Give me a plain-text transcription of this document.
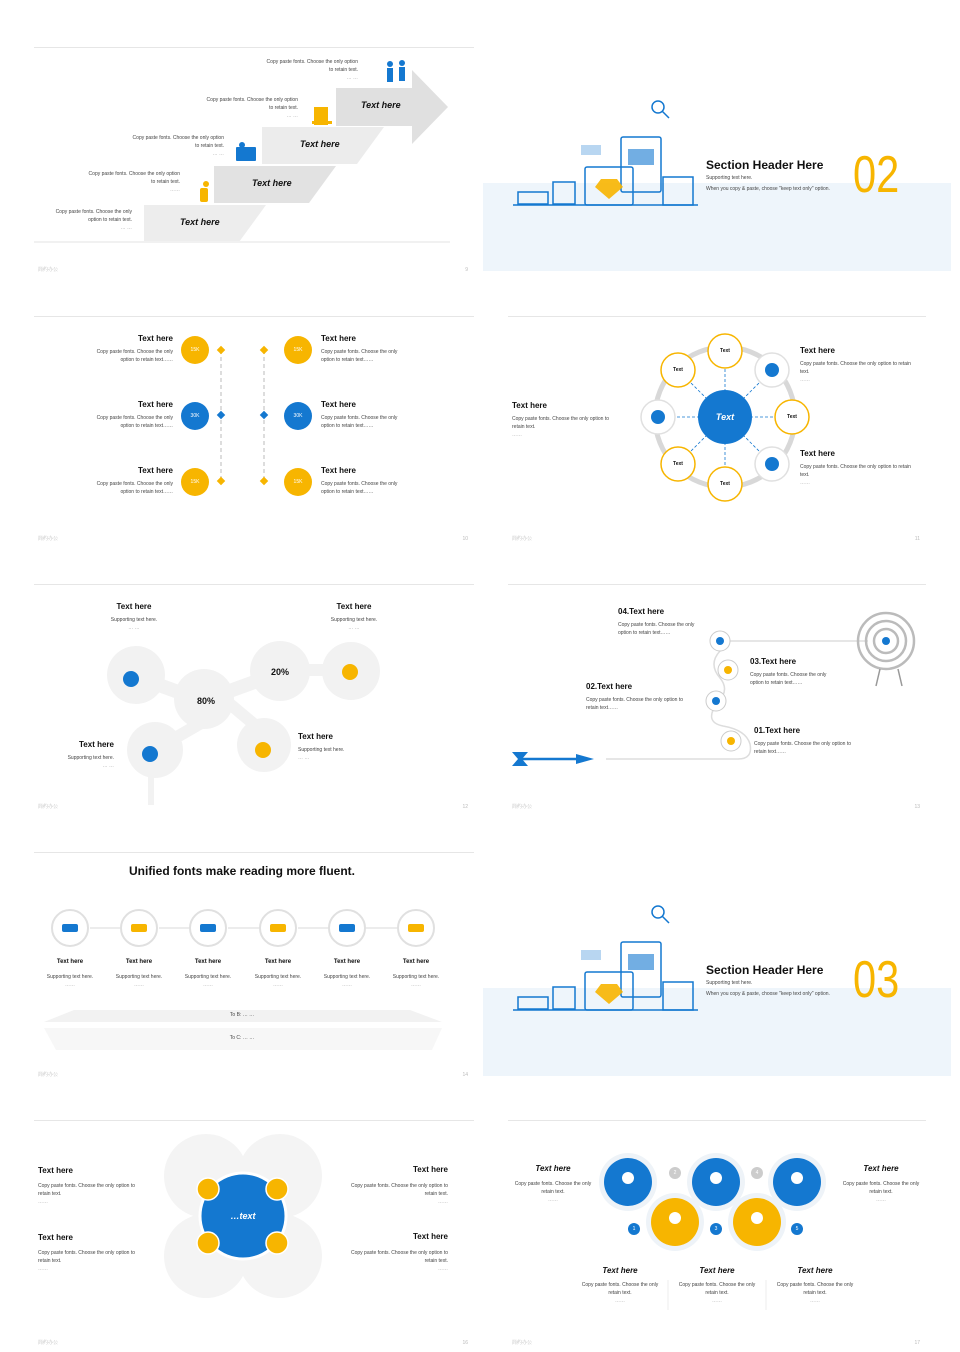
Text here
Text here
Text here
Text here
Copy paste fonts. Choose the only
option to retain text.
… …
Copy paste fonts. Choose the only option
to retain text.
……
Copy paste fonts. Choose the only option
to retain text.
… …
Copy paste fonts. Choose the only option
to retain text.
… …
Copy paste fonts. Choose the only option
to retain text.
… …
简约办公	9
Section Header Here
Supporting text here.
When you copy & paste, choose "keep text only" option. 02
15K
30K
15K
15K
30K
15K
Text here
Copy paste fonts. Choose the only
option to retain text……
Text here
Copy paste fonts. Choose the only
option to retain text……
Text here
Copy paste fonts. Choose the only
option to retain text……
Text here
Copy paste fonts. Choose the only
option to retain text……
Text here
Copy paste fonts. Choose the only
option to retain text……
Text here
Copy paste fonts. Choose the only
option to retain text……
简约办公	10
Text
Text
Text
Text
Text
Text
Text here
Copy paste fonts. Choose the only option to
retain text.
……
Text here
Copy paste fonts. Choose the only option to retain
text.
……
Text here
Copy paste fonts. Choose the only option to retain
text.
……
简约办公	11
80%
20%
Text here
Supporting text here.
… …
Text here
Supporting text here.
… …
Text here
Supporting text here.
… …
Text here
Supporting text here.
… …
简约办公	12
04.Text here
Copy paste fonts. Choose the only
option to retain text……
03.Text here
Copy paste fonts. Choose the only
option to retain text……
02.Text here
Copy paste fonts. Choose the only option to
retain text……
01.Text here
Copy paste fonts. Choose the only option to
retain text……
简约办公	13
Unified fonts make reading more fluent.
Text here	Text here	Text here	Text here	Text here	Text here
Supporting text here.
……
Supporting text here.
……
Supporting text here.
……
Supporting text here.
……
Supporting text here.
……
Supporting text here.
……
To B: … …
To C: … …
简约办公	14
Section Header Here
Supporting text here.
When you copy & paste, choose "keep text only" option. 03
…text
Text here
Copy paste fonts. Choose the only option to
retain text.
……
Text here
Copy paste fonts. Choose the only option to
retain text.
……
Text here
Copy paste fonts. Choose the only option to
retain text.
……
Text here
Copy paste fonts. Choose the only option to
retain text.
……
简约办公	16
1
2
3
4
5
Text here
Copy paste fonts. Choose the only
retain text.
……
Text here
Copy paste fonts. Choose the only
retain text.
……
Text here
Copy paste fonts. Choose the only
retain text.
……
Text here
Copy paste fonts. Choose the only
retain text.
……
Text here
Copy paste fonts. Choose the only
retain text.
……
简约办公	17
